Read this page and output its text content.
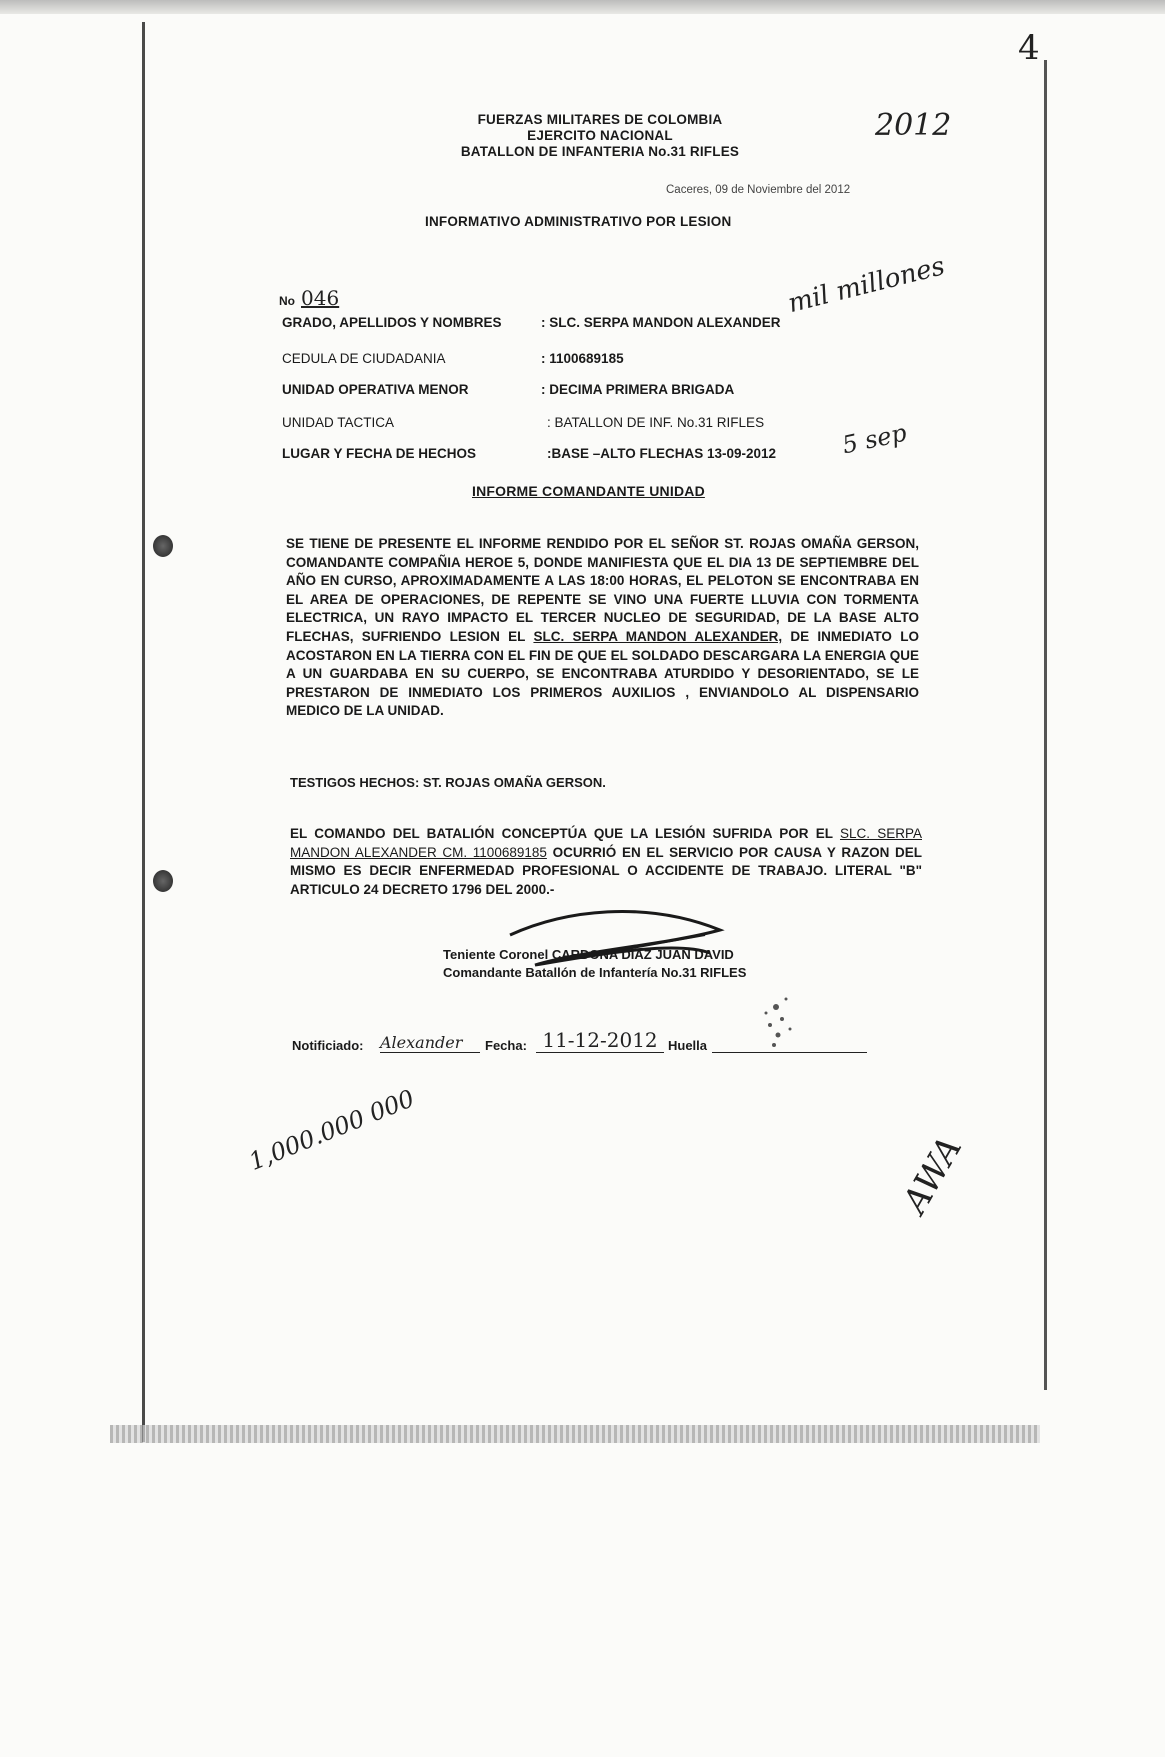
4
FUERZAS MILITARES DE COLOMBIA
EJERCITO NACIONAL
BATALLON DE INFANTERIA No.31 RIFLES
2012
Caceres, 09 de Noviembre del 2012
INFORMATIVO ADMINISTRATIVO POR LESION
No 046	mil millones
GRADO, APELLIDOS Y NOMBRES	: SLC. SERPA MANDON ALEXANDER
CEDULA DE CIUDADANIA	: 1100689185
UNIDAD OPERATIVA MENOR	: DECIMA PRIMERA BRIGADA
UNIDAD TACTICA	: BATALLON DE INF. No.31 RIFLES
LUGAR Y FECHA DE HECHOS	:BASE –ALTO FLECHAS 13-09-2012	5 sep
INFORME COMANDANTE UNIDAD
SE TIENE DE PRESENTE EL INFORME RENDIDO POR EL SEÑOR ST. ROJAS OMAÑA GERSON, COMANDANTE COMPAÑIA HEROE 5, DONDE MANIFIESTA QUE EL DIA 13 DE SEPTIEMBRE DEL AÑO EN CURSO, APROXIMADAMENTE A LAS 18:00 HORAS, EL PELOTON SE ENCONTRABA EN EL AREA DE OPERACIONES, DE REPENTE SE VINO UNA FUERTE LLUVIA CON TORMENTA ELECTRICA, UN RAYO IMPACTO EL TERCER NUCLEO DE SEGURIDAD, DE LA BASE ALTO FLECHAS, SUFRIENDO LESION EL SLC. SERPA MANDON ALEXANDER, DE INMEDIATO LO ACOSTARON EN LA TIERRA CON EL FIN DE QUE EL SOLDADO DESCARGARA LA ENERGIA QUE A UN GUARDABA EN SU CUERPO, SE ENCONTRABA ATURDIDO Y DESORIENTADO, SE LE PRESTARON DE INMEDIATO LOS PRIMEROS AUXILIOS , ENVIANDOLO AL DISPENSARIO MEDICO DE LA UNIDAD.
TESTIGOS HECHOS: ST. ROJAS OMAÑA GERSON.
EL COMANDO DEL BATALIÓN CONCEPTÚA QUE LA LESIÓN SUFRIDA POR EL SLC. SERPA MANDON ALEXANDER CM. 1100689185 OCURRIÓ EN EL SERVICIO POR CAUSA Y RAZON DEL MISMO ES DECIR ENFERMEDAD PROFESIONAL O ACCIDENTE DE TRABAJO. LITERAL "B" ARTICULO 24 DECRETO 1796 DEL 2000.-
Teniente Coronel CARDONA DIAZ JUAN DAVID
Comandante Batallón de Infantería No.31 RIFLES
Notificiado: Alexander	Fecha: 11-12-2012 Huella
1,000.000 000	AWA
